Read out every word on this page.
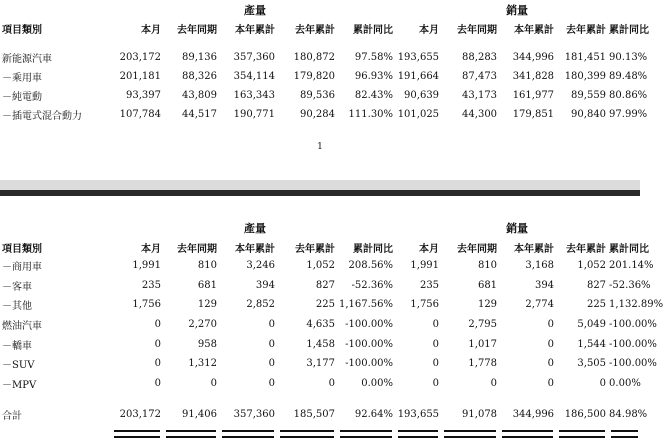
	產量					銷量				
項目類別	本月	去年同期	本年累計	去年累計	累計同比	本月	去年同期	本年累計	去年累計	累計同比

新能源汽車	203,172	89,136	357,360	180,872	97.58%	193,655	88,283	344,996	181,451	90.13%
－乘用車	201,181	88,326	354,114	179,820	96.93%	191,664	87,473	341,828	180,399	89.48%
－純電動	93,397	43,809	163,343	89,536	82.43%	90,639	43,173	161,977	89,559	80.86%
－插電式混合動力	107,784	44,517	190,771	90,284	111.30%	101,025	44,300	179,851	90,840	97.99%
1
	產量					銷量				
項目類別	本月	去年同期	本年累計	去年累計	累計同比	本月	去年同期	本年累計	去年累計	累計同比
－商用車	1,991	810	3,246	1,052	208.56%	1,991	810	3,168	1,052	201.14%
－客車	235	681	394	827	-52.36%	235	681	394	827	-52.36%
－其他	1,756	129	2,852	225	1,167.56%	1,756	129	2,774	225	1,132.89%
燃油汽車	0	2,270	0	4,635	-100.00%	0	2,795	0	5,049	-100.00%
－轎車	0	958	0	1,458	-100.00%	0	1,017	0	1,544	-100.00%
－SUV	0	1,312	0	3,177	-100.00%	0	1,778	0	3,505	-100.00%
－MPV	0	0	0	0	0.00%	0	0	0	0	0.00%

合計	203,172	91,406	357,360	185,507	92.64%	193,655	91,078	344,996	186,500	84.98%
